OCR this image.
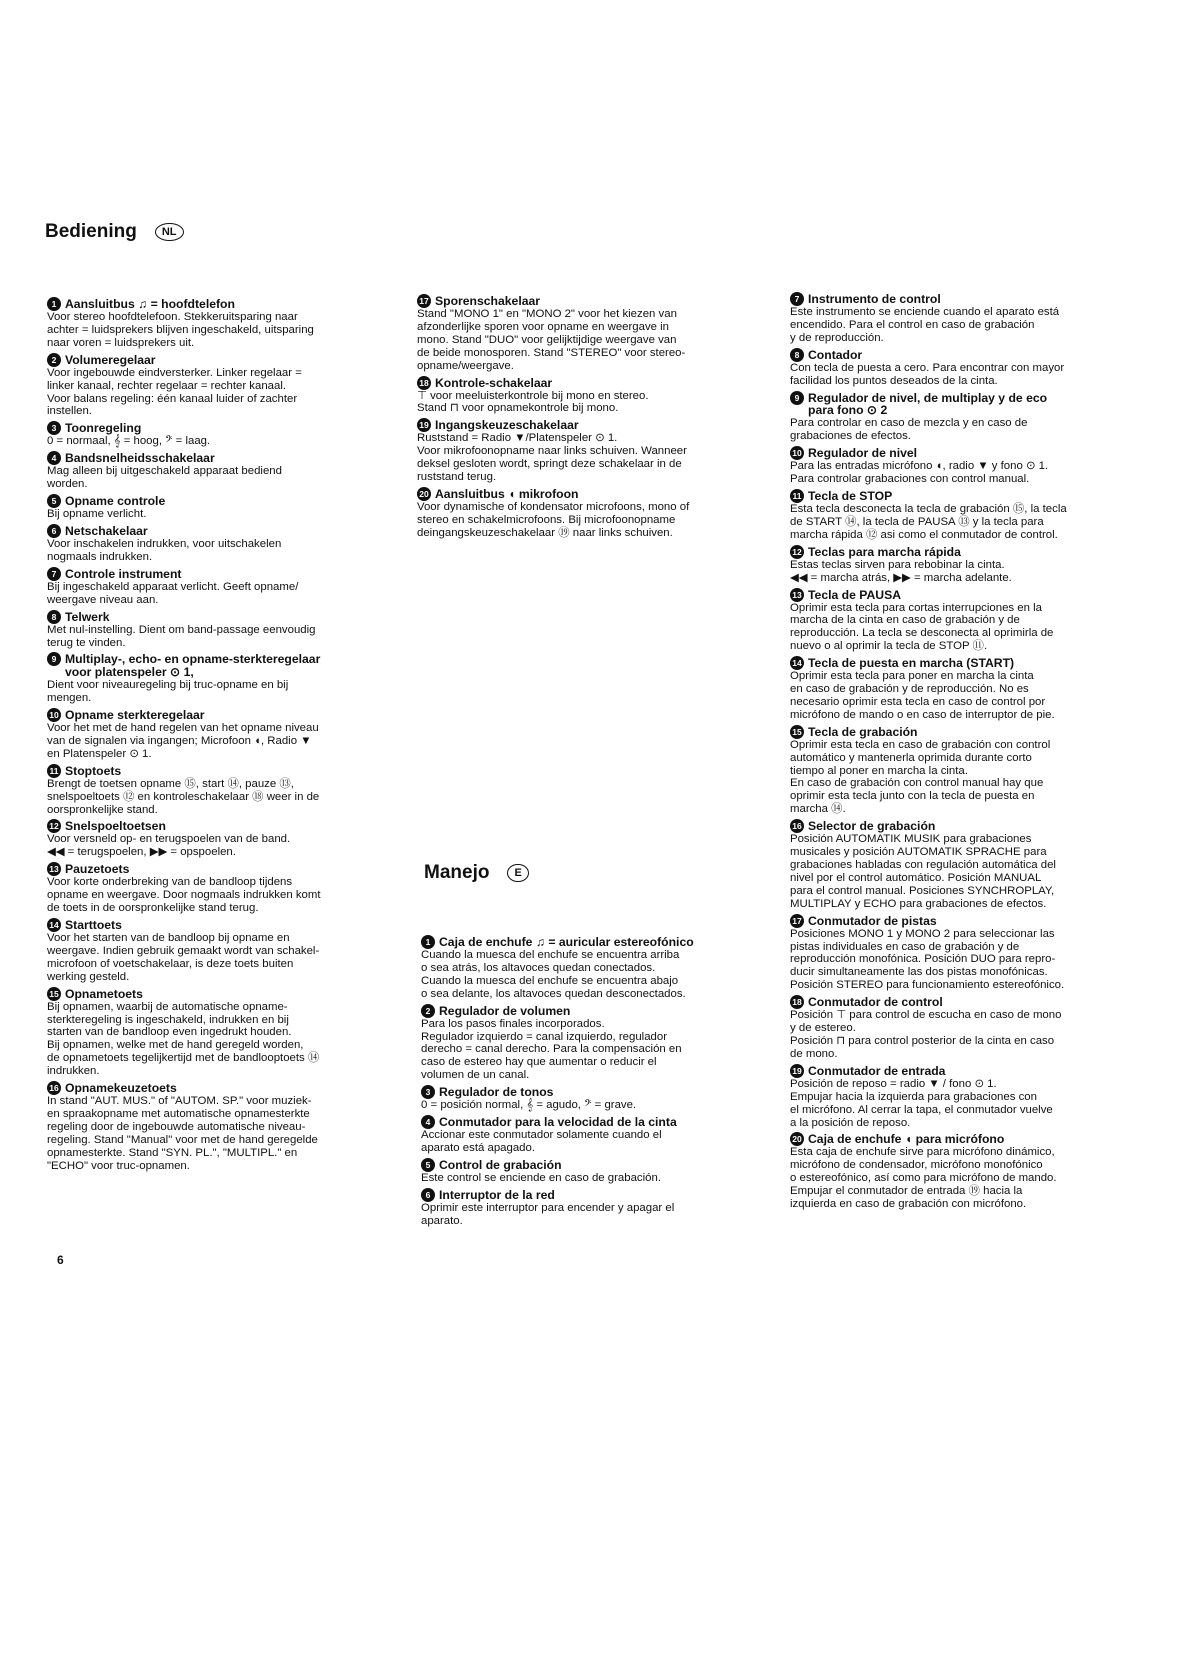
Bediening	NL
1 Aansluitbus ♫ = hoofdtelefon
Voor stereo hoofdtelefoon. Stekkeruitsparing naar
achter = luidsprekers blijven ingeschakeld, uitsparing
naar voren = luidsprekers uit.
2 Volumeregelaar
Voor ingebouwde eindversterker. Linker regelaar =
linker kanaal, rechter regelaar = rechter kanaal.
Voor balans regeling: één kanaal luider of zachter
instellen.
3 Toonregeling
0 = normaal, 𝄞 = hoog, 𝄢 = laag.
4 Bandsnelheidsschakelaar
Mag alleen bij uitgeschakeld apparaat bediend
worden.
5 Opname controle
Bij opname verlicht.
6 Netschakelaar
Voor inschakelen indrukken, voor uitschakelen
nogmaals indrukken.
7 Controle instrument
Bij ingeschakeld apparaat verlicht. Geeft opname/
weergave niveau aan.
8 Telwerk
Met nul-instelling. Dient om band-passage eenvoudig
terug te vinden.
9 Multiplay-, echo- en opname-sterkteregelaar
voor platenspeler ⊙ 1,
Dient voor niveauregeling bij truc-opname en bij
mengen.
10 Opname sterkteregelaar
Voor het met de hand regelen van het opname niveau
van de signalen via ingangen; Microfoon ◖, Radio ▼
en Platenspeler ⊙ 1.
11 Stoptoets
Brengt de toetsen opname ⑮, start ⑭, pauze ⑬,
snelspoeltoets ⑫ en kontroleschakelaar ⑱ weer in de
oorspronkelijke stand.
12 Snelspoeltoetsen
Voor versneld op- en terugspoelen van de band.
◀◀ = terugspoelen, ▶▶ = opspoelen.
13 Pauzetoets
Voor korte onderbreking van de bandloop tijdens
opname en weergave. Door nogmaals indrukken komt
de toets in de oorspronkelijke stand terug.
14 Starttoets
Voor het starten van de bandloop bij opname en
weergave. Indien gebruik gemaakt wordt van schakel-
microfoon of voetschakelaar, is deze toets buiten
werking gesteld.
15 Opnametoets
Bij opnamen, waarbij de automatische opname-
sterkteregeling is ingeschakeld, indrukken en bij
starten van de bandloop even ingedrukt houden.
Bij opnamen, welke met de hand geregeld worden,
de opnametoets tegelijkertijd met de bandlooptoets ⑭
indrukken.
16 Opnamekeuzetoets
In stand "AUT. MUS." of "AUTOM. SP." voor muziek-
en spraakopname met automatische opnamesterkte
regeling door de ingebouwde automatische niveau-
regeling. Stand "Manual" voor met de hand geregelde
opnamesterkte. Stand "SYN. PL.", "MULTIPL." en
"ECHO" voor truc-opnamen.
17 Sporenschakelaar
Stand "MONO 1" en "MONO 2" voor het kiezen van
afzonderlijke sporen voor opname en weergave in
mono. Stand "DUO" voor gelijktijdige weergave van
de beide monosporen. Stand "STEREO" voor stereo-
opname/weergave.
18 Kontrole-schakelaar
⊤ voor meeluisterkontrole bij mono en stereo.
Stand ⊓ voor opnamekontrole bij mono.
19 Ingangskeuzeschakelaar
Ruststand = Radio ▼/Platenspeler ⊙ 1.
Voor mikrofoonopname naar links schuiven. Wanneer
deksel gesloten wordt, springt deze schakelaar in de
ruststand terug.
20 Aansluitbus ◖ mikrofoon
Voor dynamische of kondensator microfoons, mono of
stereo en schakelmicrofoons. Bij microfoonopname
deingangskeuzeschakelaar ⑲ naar links schuiven.
Manejo	E
1 Caja de enchufe ♫ = auricular estereofónico
Cuando la muesca del enchufe se encuentra arriba
o sea atrás, los altavoces quedan conectados.
Cuando la muesca del enchufe se encuentra abajo
o sea delante, los altavoces quedan desconectados.
2 Regulador de volumen
Para los pasos finales incorporados.
Regulador izquierdo = canal izquierdo, regulador
derecho = canal derecho. Para la compensación en
caso de estereo hay que aumentar o reducir el
volumen de un canal.
3 Regulador de tonos
0 = posición normal, 𝄞 = agudo, 𝄢 = grave.
4 Conmutador para la velocidad de la cinta
Accionar este conmutador solamente cuando el
aparato está apagado.
5 Control de grabación
Este control se enciende en caso de grabación.
6 Interruptor de la red
Oprimir este interruptor para encender y apagar el
aparato.
7 Instrumento de control
Este instrumento se enciende cuando el aparato está
encendido. Para el control en caso de grabación
y de reproducción.
8 Contador
Con tecla de puesta a cero. Para encontrar con mayor
facilidad los puntos deseados de la cinta.
9 Regulador de nivel, de multiplay y de eco
para fono ⊙ 2
Para controlar en caso de mezcla y en caso de
grabaciones de efectos.
10 Regulador de nivel
Para las entradas micrófono ◖, radio ▼ y fono ⊙ 1.
Para controlar grabaciones con control manual.
11 Tecla de STOP
Esta tecla desconecta la tecla de grabación ⑮, la tecla
de START ⑭, la tecla de PAUSA ⑬ y la tecla para
marcha rápida ⑫ asi como el conmutador de control.
12 Teclas para marcha rápida
Estas teclas sirven para rebobinar la cinta.
◀◀ = marcha atrás, ▶▶ = marcha adelante.
13 Tecla de PAUSA
Oprimir esta tecla para cortas interrupciones en la
marcha de la cinta en caso de grabación y de
reproducción. La tecla se desconecta al oprimirla de
nuevo o al oprimir la tecla de STOP ⑪.
14 Tecla de puesta en marcha (START)
Oprimir esta tecla para poner en marcha la cinta
en caso de grabación y de reproducción. No es
necesario oprimir esta tecla en caso de control por
micrófono de mando o en caso de interruptor de pie.
15 Tecla de grabación
Oprimir esta tecla en caso de grabación con control
automático y mantenerla oprimida durante corto
tiempo al poner en marcha la cinta.
En caso de grabación con control manual hay que
oprimir esta tecla junto con la tecla de puesta en
marcha ⑭.
16 Selector de grabación
Posición AUTOMATIK MUSIK para grabaciones
musicales y posición AUTOMATIK SPRACHE para
grabaciones habladas con regulación automática del
nivel por el control automático. Posición MANUAL
para el control manual. Posiciones SYNCHROPLAY,
MULTIPLAY y ECHO para grabaciones de efectos.
17 Conmutador de pistas
Posiciones MONO 1 y MONO 2 para seleccionar las
pistas individuales en caso de grabación y de
reproducción monofónica. Posición DUO para repro-
ducir simultaneamente las dos pistas monofónicas.
Posición STEREO para funcionamiento estereofónico.
18 Conmutador de control
Posición ⊤ para control de escucha en caso de mono
y de estereo.
Posición ⊓ para control posterior de la cinta en caso
de mono.
19 Conmutador de entrada
Posición de reposo = radio ▼ / fono ⊙ 1.
Empujar hacia la izquierda para grabaciones con
el micrófono. Al cerrar la tapa, el conmutador vuelve
a la posición de reposo.
20 Caja de enchufe ◖ para micrófono
Esta caja de enchufe sirve para micrófono dinámico,
micrófono de condensador, micrófono monofónico
o estereofónico, así como para micrófono de mando.
Empujar el conmutador de entrada ⑲ hacia la
izquierda en caso de grabación con micrófono.
6
